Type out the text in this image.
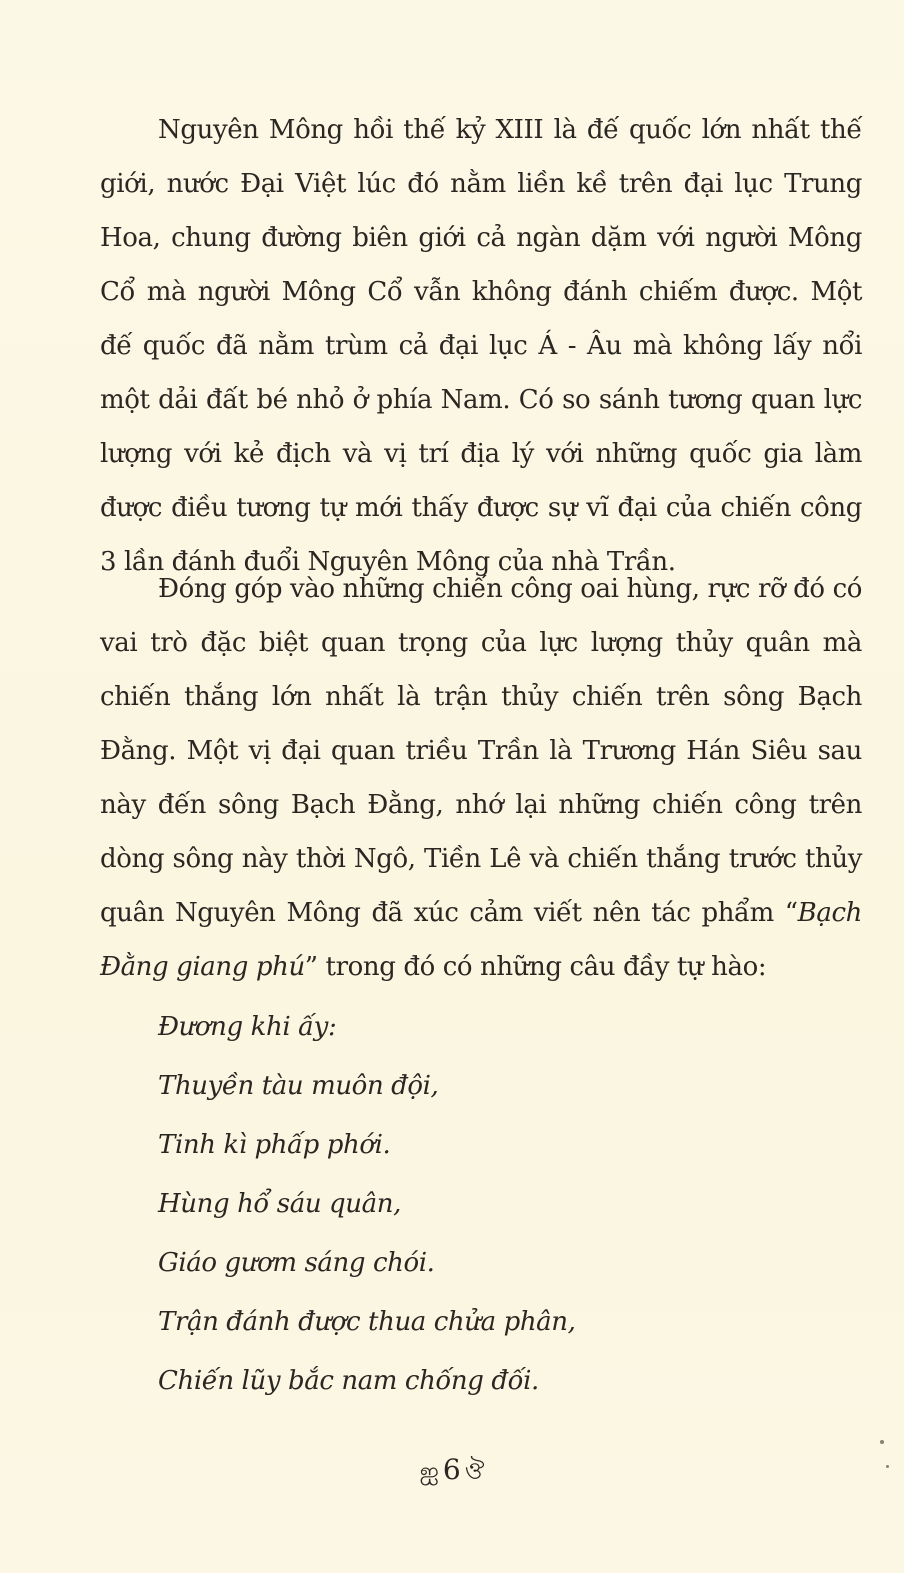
Nguyên Mông hồi thế kỷ XIII là đế quốc lớn nhất thế giới, nước Đại Việt lúc đó nằm liền kề trên đại lục Trung Hoa, chung đường biên giới cả ngàn dặm với người Mông Cổ mà người Mông Cổ vẫn không đánh chiếm được. Một đế quốc đã nằm trùm cả đại lục Á - Âu mà không lấy nổi một dải đất bé nhỏ ở phía Nam. Có so sánh tương quan lực lượng với kẻ địch và vị trí địa lý với những quốc gia làm được điều tương tự mới thấy được sự vĩ đại của chiến công 3 lần đánh đuổi Nguyên Mông của nhà Trần.

Đóng góp vào những chiến công oai hùng, rực rỡ đó có vai trò đặc biệt quan trọng của lực lượng thủy quân mà chiến thắng lớn nhất là trận thủy chiến trên sông Bạch Đằng. Một vị đại quan triều Trần là Trương Hán Siêu sau này đến sông Bạch Đằng, nhớ lại những chiến công trên dòng sông này thời Ngô, Tiền Lê và chiến thắng trước thủy quân Nguyên Mông đã xúc cảm viết nên tác phẩm “Bạch Đằng giang phú” trong đó có những câu đầy tự hào:

Đương khi ấy:
Thuyền tàu muôn đội,
Tinh kì phấp phới.
Hùng hổ sáu quân,
Giáo gươm sáng chói.
Trận đánh được thua chửa phân,
Chiến lũy bắc nam chống đối.
ஐ 6 ঔ
